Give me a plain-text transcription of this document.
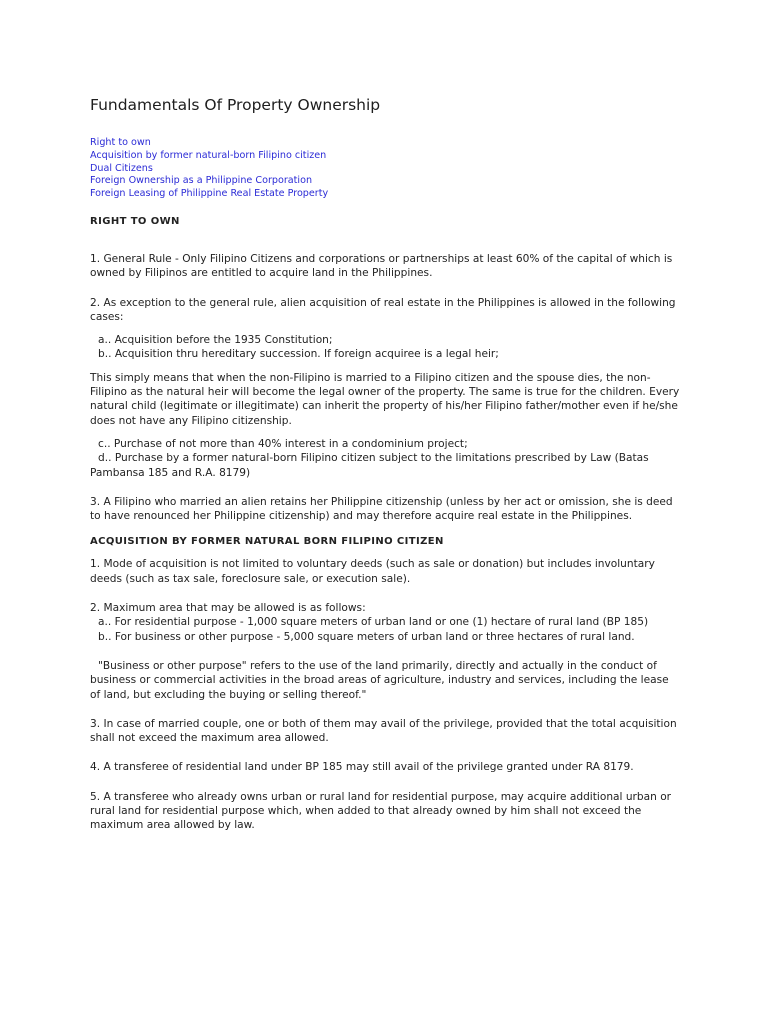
Fundamentals Of Property Ownership
Right to own
Acquisition by former natural-born Filipino citizen
Dual Citizens
Foreign Ownership as a Philippine Corporation
Foreign Leasing of Philippine Real Estate Property
RIGHT TO OWN

1. General Rule - Only Filipino Citizens and corporations or partnerships at least 60% of the capital of which is owned by Filipinos are entitled to acquire land in the Philippines.

2. As exception to the general rule, alien acquisition of real estate in the Philippines is allowed in the following cases:

a.. Acquisition before the 1935 Constitution;

b.. Acquisition thru hereditary succession. If foreign acquiree is a legal heir;

This simply means that when the non-Filipino is married to a Filipino citizen and the spouse dies, the non-Filipino as the natural heir will become the legal owner of the property. The same is true for the children. Every natural child (legitimate or illegitimate) can inherit the property of his/her Filipino father/mother even if he/she does not have any Filipino citizenship.

c.. Purchase of not more than 40% interest in a condominium project;

d.. Purchase by a former natural-born Filipino citizen subject to the limitations prescribed by Law (Batas Pambansa 185 and R.A. 8179)

3. A Filipino who married an alien retains her Philippine citizenship (unless by her act or omission, she is deed to have renounced her Philippine citizenship) and may therefore acquire real estate in the Philippines.

ACQUISITION BY FORMER NATURAL BORN FILIPINO CITIZEN

1. Mode of acquisition is not limited to voluntary deeds (such as sale or donation) but includes involuntary deeds (such as tax sale, foreclosure sale, or execution sale).

2. Maximum area that may be allowed is as follows:

a.. For residential purpose - 1,000 square meters of urban land or one (1) hectare of rural land (BP 185)

b.. For business or other purpose - 5,000 square meters of urban land or three hectares of rural land.

"Business or other purpose" refers to the use of the land primarily, directly and actually in the conduct of business or commercial activities in the broad areas of agriculture, industry and services, including the lease of land, but excluding the buying or selling thereof."

3. In case of married couple, one or both of them may avail of the privilege, provided that the total acquisition shall not exceed the maximum area allowed.

4. A transferee of residential land under BP 185 may still avail of the privilege granted under RA 8179.

5. A transferee who already owns urban or rural land for residential purpose, may acquire additional urban or rural land for residential purpose which, when added to that already owned by him shall not exceed the maximum area allowed by law.
